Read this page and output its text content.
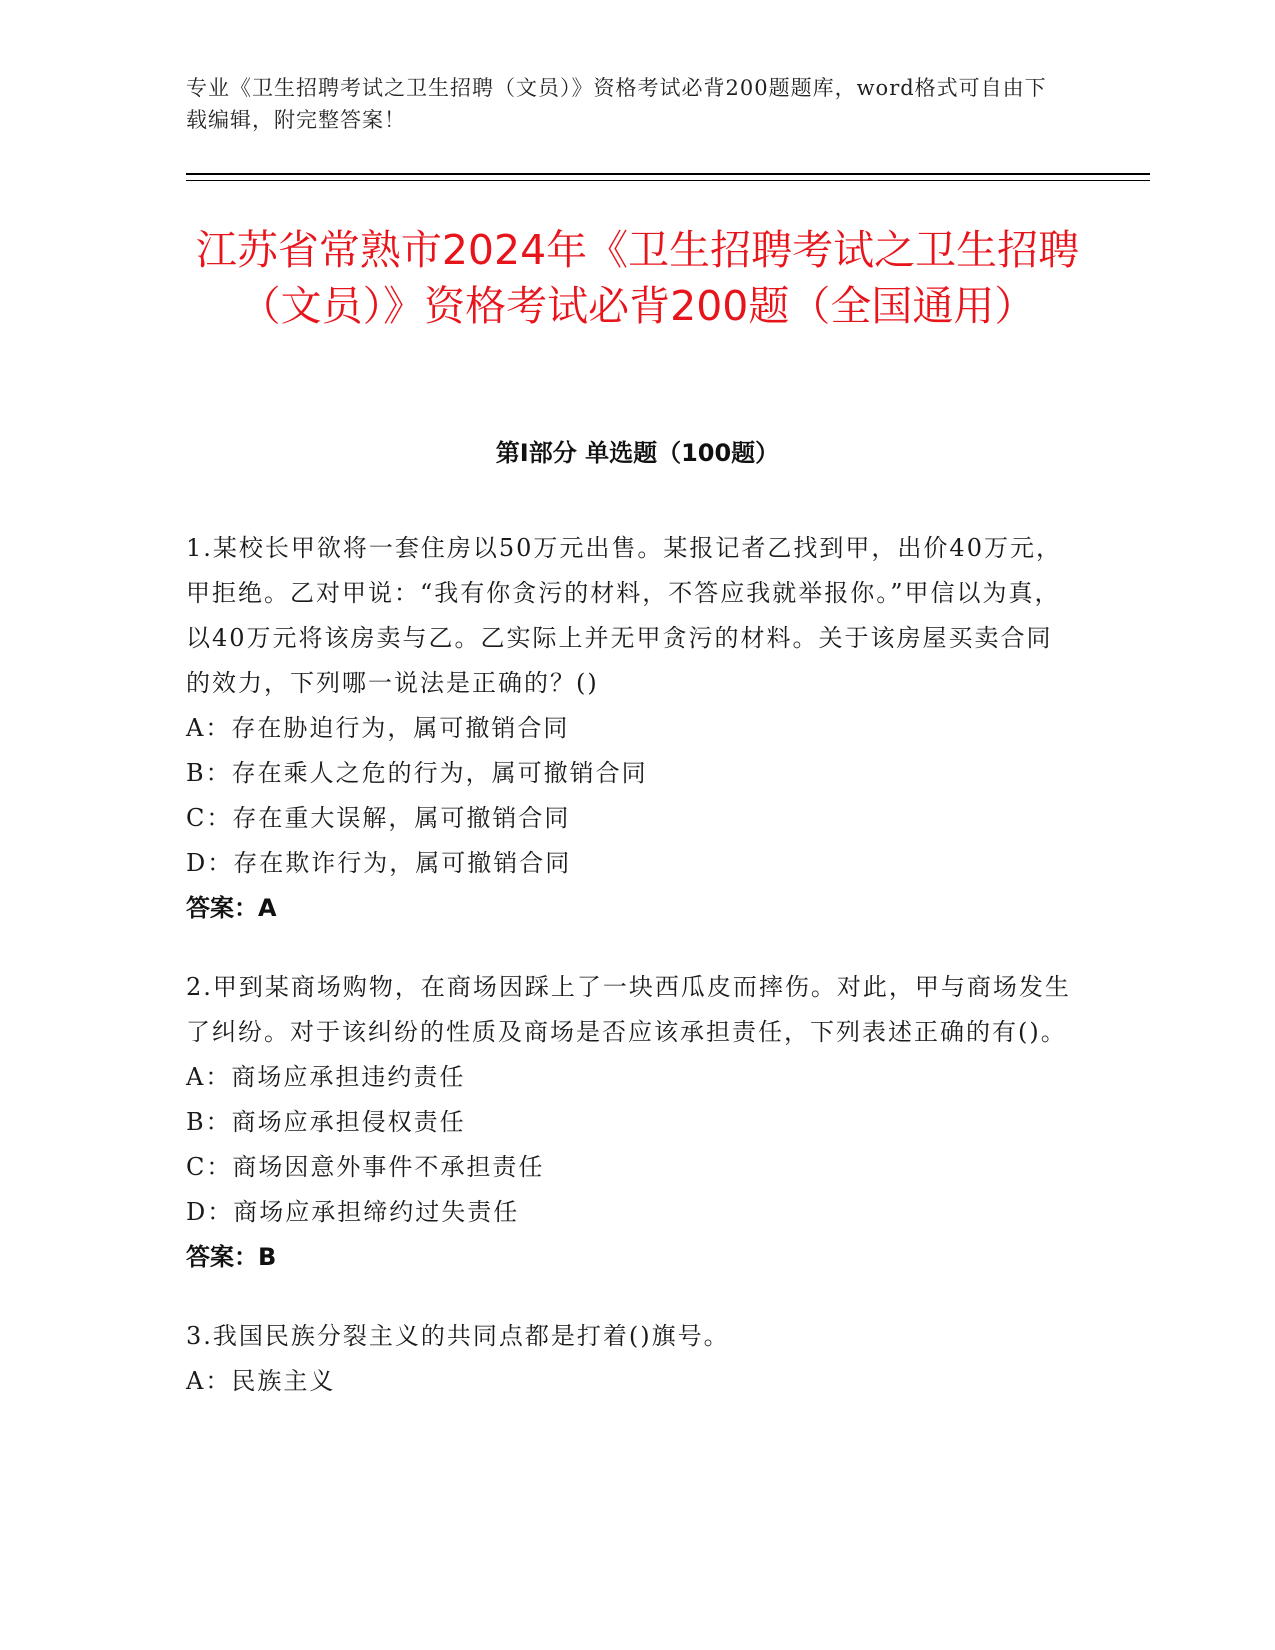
专业《卫生招聘考试之卫生招聘（文员）》资格考试必背200题题库，word格式可自由下载编辑，附完整答案！
江苏省常熟市2024年《卫生招聘考试之卫生招聘（文员）》资格考试必背200题（全国通用）
第I部分 单选题（100题）

1.某校长甲欲将一套住房以50万元出售。某报记者乙找到甲，出价40万元，甲拒绝。乙对甲说：“我有你贪污的材料，不答应我就举报你。”甲信以为真，以40万元将该房卖与乙。乙实际上并无甲贪污的材料。关于该房屋买卖合同的效力，下列哪一说法是正确的？()

A：存在胁迫行为，属可撤销合同

B：存在乘人之危的行为，属可撤销合同

C：存在重大误解，属可撤销合同

D：存在欺诈行为，属可撤销合同

答案：A

2.甲到某商场购物，在商场因踩上了一块西瓜皮而摔伤。对此，甲与商场发生了纠纷。对于该纠纷的性质及商场是否应该承担责任，下列表述正确的有()。

A：商场应承担违约责任

B：商场应承担侵权责任

C：商场因意外事件不承担责任

D：商场应承担缔约过失责任

答案：B

3.我国民族分裂主义的共同点都是打着()旗号。

A：民族主义
